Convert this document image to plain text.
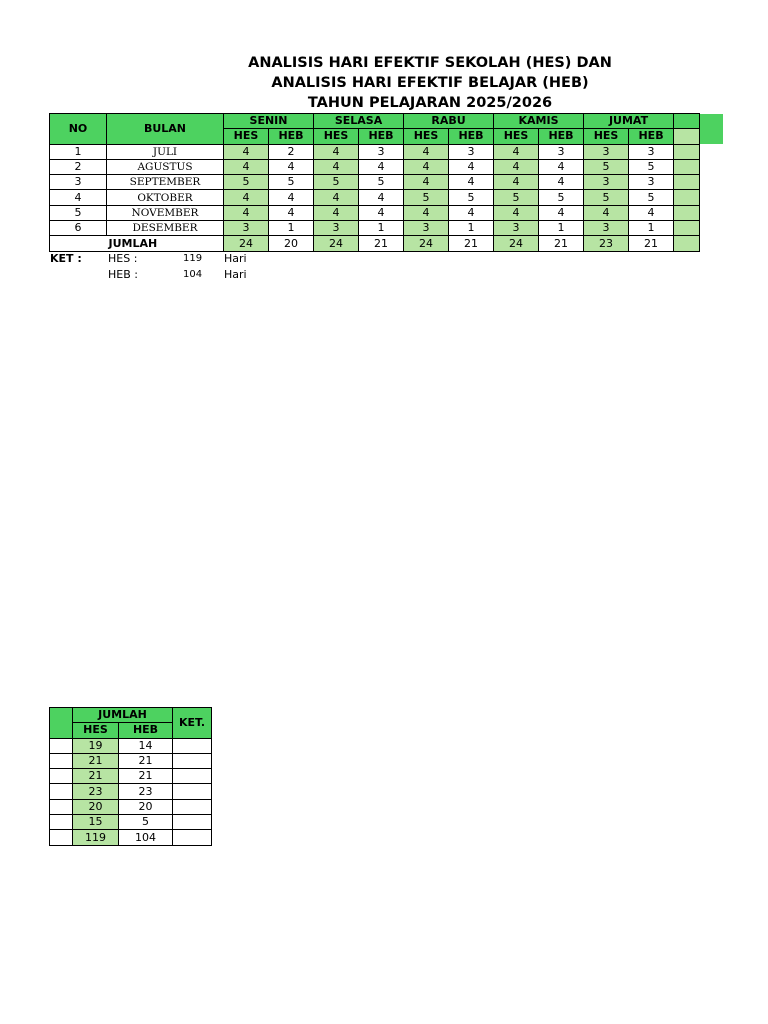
ANALISIS HARI EFEKTIF SEKOLAH (HES) DAN
ANALISIS HARI EFEKTIF BELAJAR (HEB)
TAHUN PELAJARAN 2025/2026
NO	BULAN	SENIN		SELASA		RABU		KAMIS		JUMAT		
		HES	HEB	HES	HEB	HES	HEB	HES	HEB	HES	HEB	
1	JULI	4	2	4	3	4	3	4	3	3	3	
2	AGUSTUS	4	4	4	4	4	4	4	4	5	5	
3	SEPTEMBER	5	5	5	5	4	4	4	4	3	3	
4	OKTOBER	4	4	4	4	5	5	5	5	5	5	
5	NOVEMBER	4	4	4	4	4	4	4	4	4	4	
6	DESEMBER	3	1	3	1	3	1	3	1	3	1	
	JUMLAH	24	20	24	21	24	21	24	21	23	21	
KET : HES :	119 Hari
HEB :	104 Hari
	JUMLAH		KET.
	HES	HEB	
	19	14	
	21	21	
	21	21	
	23	23	
	20	20	
	15	5	
	119	104	
